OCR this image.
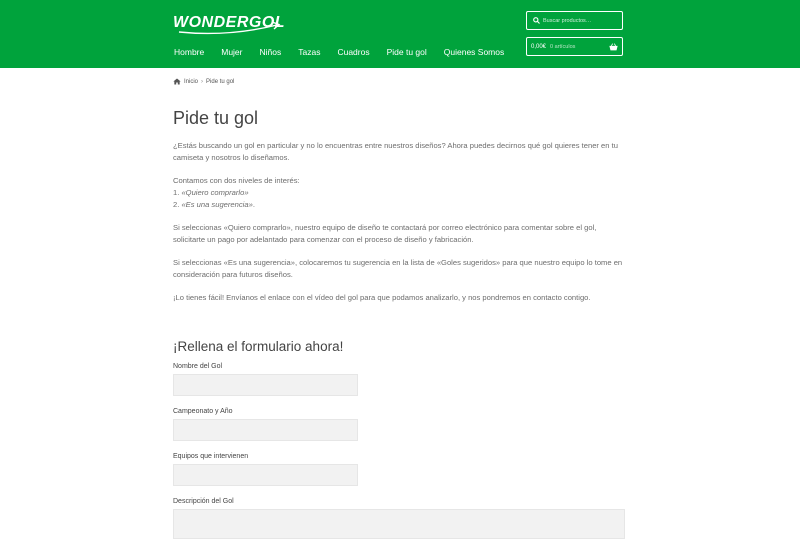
WONDERGOL
Hombre Mujer Niños Tazas Cuadros Pide tu gol Quienes Somos
Buscar productos…
0,00€ 0 artículos
Inicio › Pide tu gol
Pide tu gol

¿Estás buscando un gol en particular y no lo encuentras entre nuestros diseños? Ahora puedes decirnos qué gol quieres tener en tu camiseta y nosotros lo diseñamos.

Contamos con dos niveles de interés:
1. «Quiero comprarlo»
2. «Es una sugerencia».

Si seleccionas «Quiero comprarlo», nuestro equipo de diseño te contactará por correo electrónico para comentar sobre el gol, solicitarte un pago por adelantado para comenzar con el proceso de diseño y fabricación.

Si seleccionas «Es una sugerencia», colocaremos tu sugerencia en la lista de «Goles sugeridos» para que nuestro equipo lo tome en consideración para futuros diseños.

¡Lo tienes fácil! Envíanos el enlace con el vídeo del gol para que podamos analizarlo, y nos pondremos en contacto contigo.

¡Rellena el formulario ahora!
Nombre del Gol
Campeonato y Año
Equipos que intervienen
Descripción del Gol
